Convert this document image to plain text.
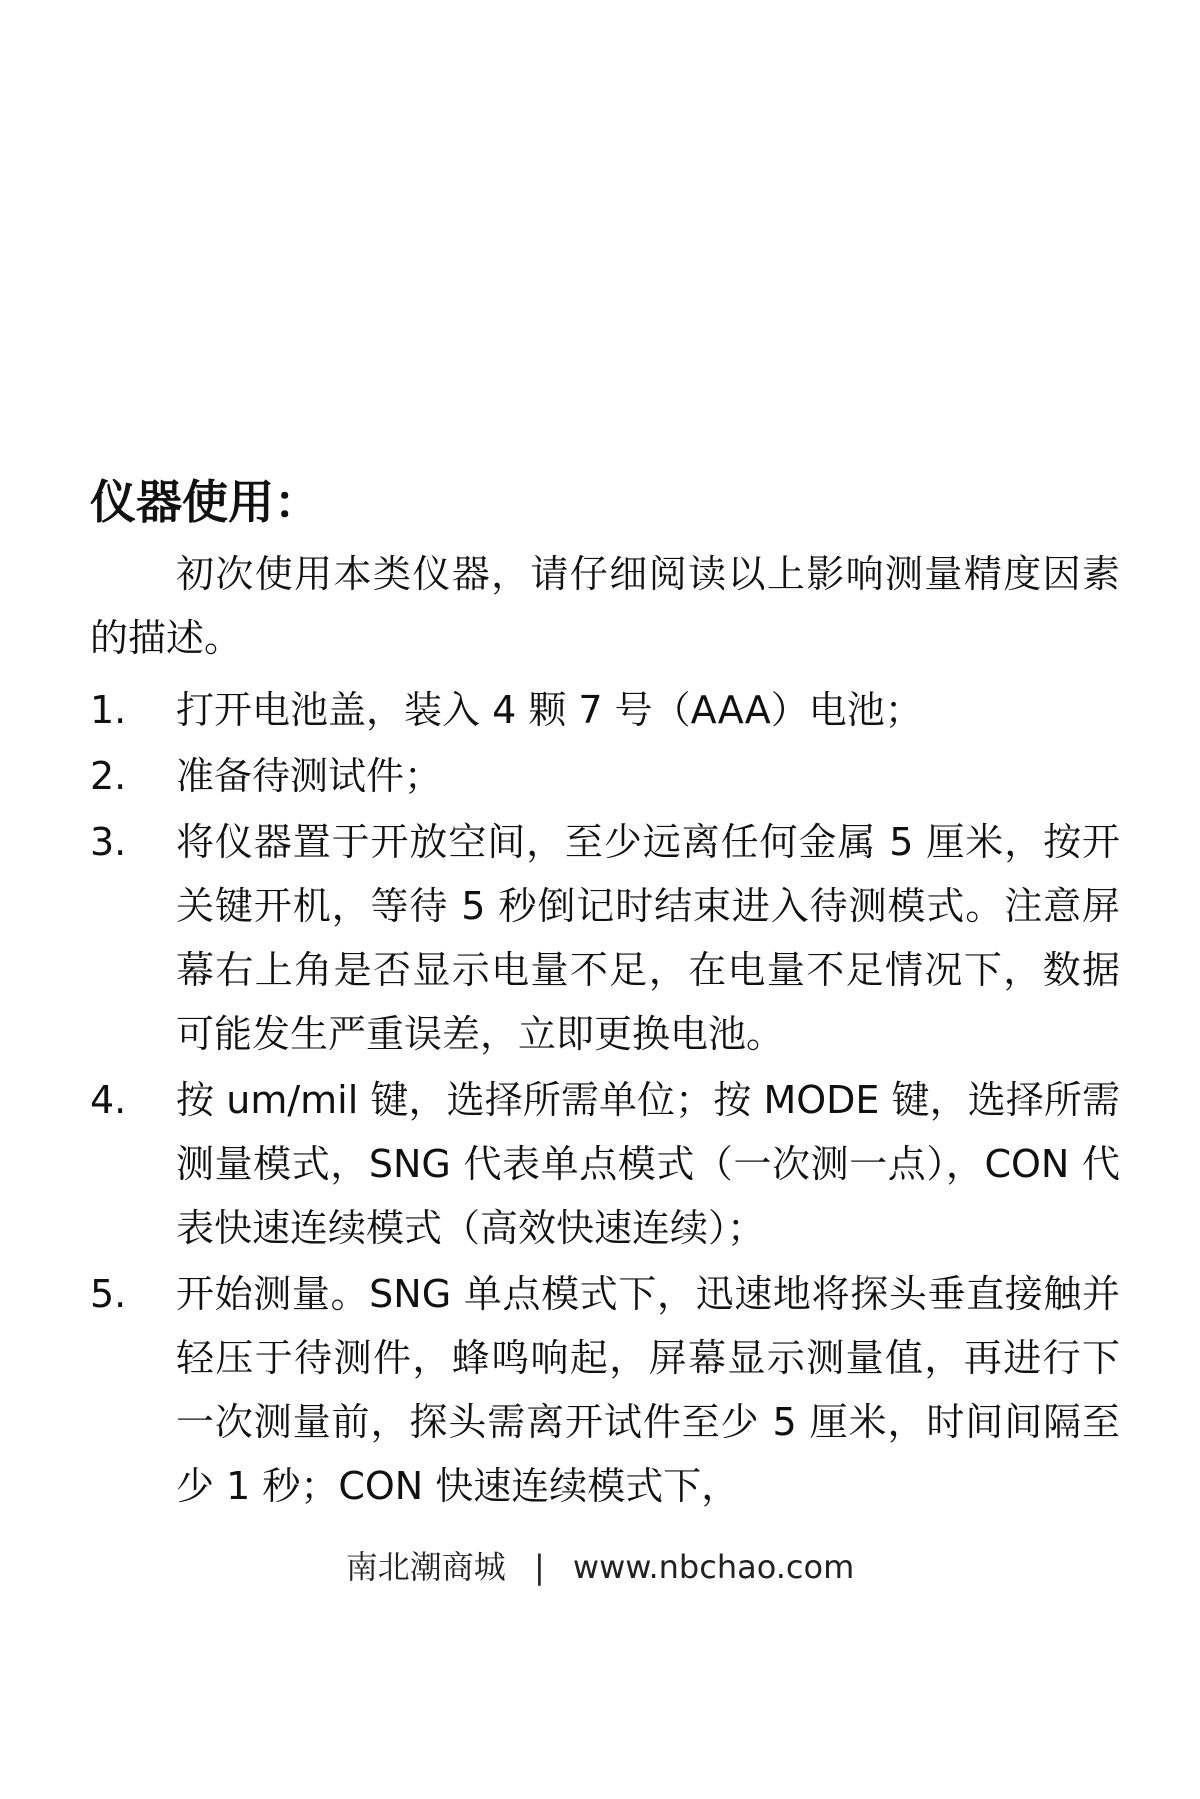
仪器使用：

初次使用本类仪器，请仔细阅读以上影响测量精度因素的描述。

1.	打开电池盖，装入 4 颗 7 号（AAA）电池；
2.	准备待测试件；
3.	将仪器置于开放空间，至少远离任何金属 5 厘米，按开关键开机，等待 5 秒倒记时结束进入待测模式。注意屏幕右上角是否显示电量不足，在电量不足情况下，数据可能发生严重误差，立即更换电池。
4.	按 um/mil 键，选择所需单位；按 MODE 键，选择所需测量模式，SNG 代表单点模式（一次测一点），CON 代表快速连续模式（高效快速连续）；
5.	开始测量。SNG 单点模式下，迅速地将探头垂直接触并轻压于待测件，蜂鸣响起，屏幕显示测量值，再进行下一次测量前，探头需离开试件至少 5 厘米，时间间隔至少 1 秒；CON 快速连续模式下，
南北潮商城 | www.nbchao.com
